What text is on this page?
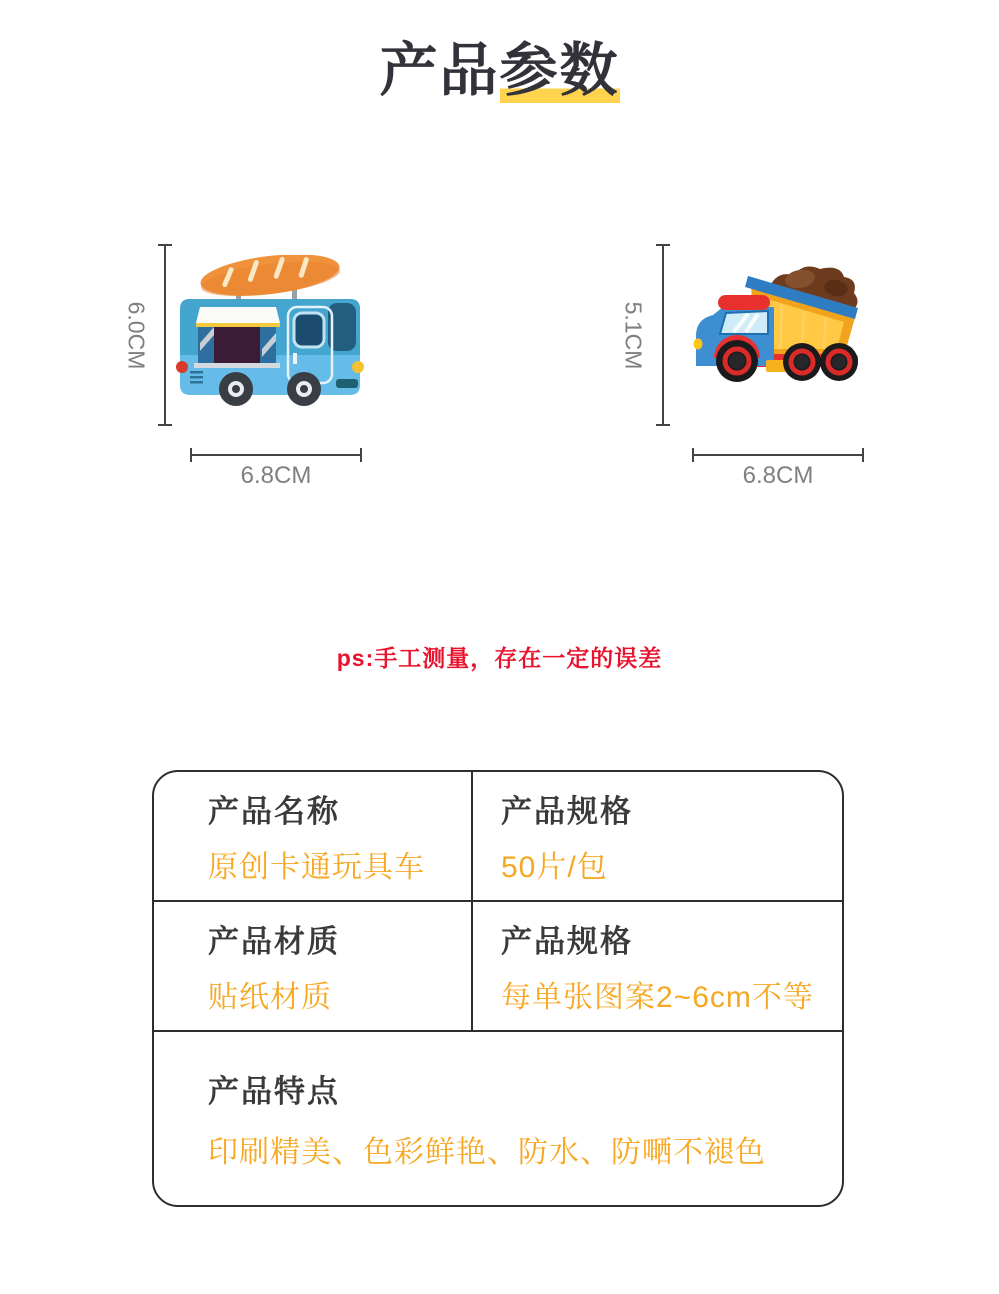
产品参数
6.0CM
6.8CM
5.1CM
6.8CM
ps:手工测量，存在一定的误差
产品名称
原创卡通玩具车
产品规格
50片/包
产品材质
贴纸材质
产品规格
每单张图案2~6cm不等
产品特点
印刷精美、色彩鲜艳、防水、防嗮不褪色
